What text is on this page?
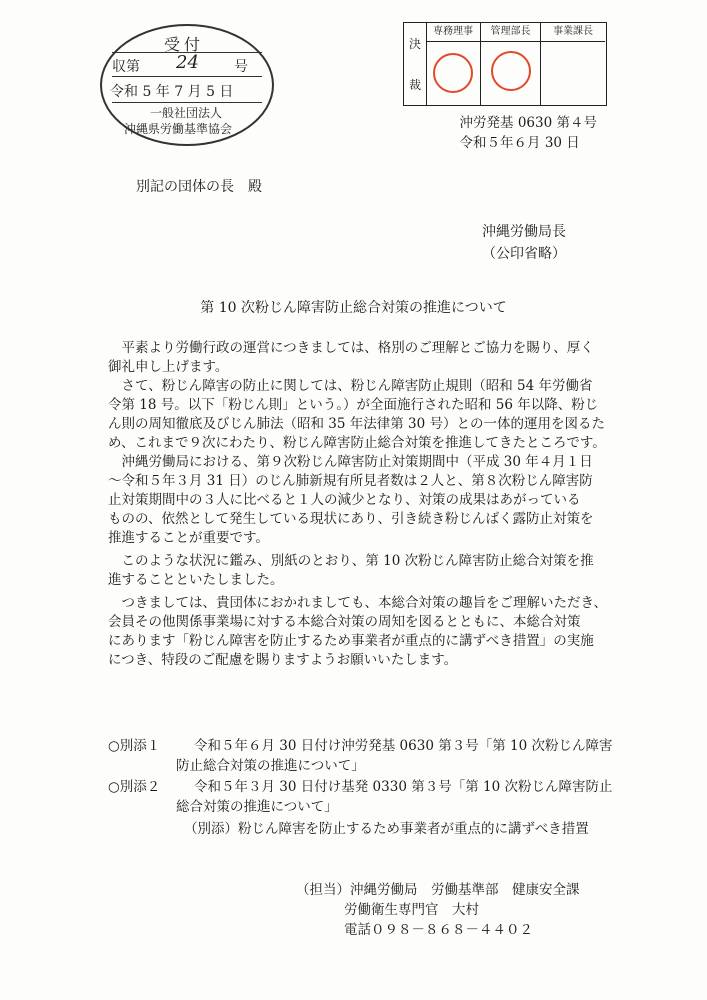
受付
収第 24	号
令和 5 年 7 月 5 日
一般社団法人
沖縄県労働基準協会
決
裁
専務理事	管理部長	事業課長
沖労発基 0630 第４号
令和５年６月 30 日
別記の団体の長　殿
沖縄労働局長
（公印省略）
第 10 次粉じん障害防止総合対策の推進について
　平素より労働行政の運営につきましては、格別のご理解とご協力を賜り、厚く
御礼申し上げます。
　さて、粉じん障害の防止に関しては、粉じん障害防止規則（昭和 54 年労働省
令第 18 号。以下「粉じん則」という。）が全面施行された昭和 56 年以降、粉じ
ん則の周知徹底及びじん肺法（昭和 35 年法律第 30 号）との一体的運用を図るた
め、これまで９次にわたり、粉じん障害防止総合対策を推進してきたところです。
　沖縄労働局における、第９次粉じん障害防止対策期間中（平成 30 年４月１日
～令和５年３月 31 日）のじん肺新規有所見者数は２人と、第８次粉じん障害防
止対策期間中の３人に比べると１人の減少となり、対策の成果はあがっている
ものの、依然として発生している現状にあり、引き続き粉じんばく露防止対策を
推進することが重要です。
　このような状況に鑑み、別紙のとおり、第 10 次粉じん障害防止総合対策を推
進することといたしました。
　つきましては、貴団体におかれましても、本総合対策の趣旨をご理解いただき、
会員その他関係事業場に対する本総合対策の周知を図るとともに、本総合対策
にあります「粉じん障害を防止するため事業者が重点的に講ずべき措置」の実施
につき、特段のご配慮を賜りますようお願いいたします。
○別添１ 令和５年６月 30 日付け沖労発基 0630 第３号「第 10 次粉じん障害
防止総合対策の推進について」
○別添２ 令和５年３月 30 日付け基発 0330 第３号「第 10 次粉じん障害防止
総合対策の推進について」
（別添）粉じん障害を防止するため事業者が重点的に講ずべき措置
（担当）沖縄労働局　労働基準部　健康安全課
労働衛生専門官　大村
電話０９８－８６８－４４０２
